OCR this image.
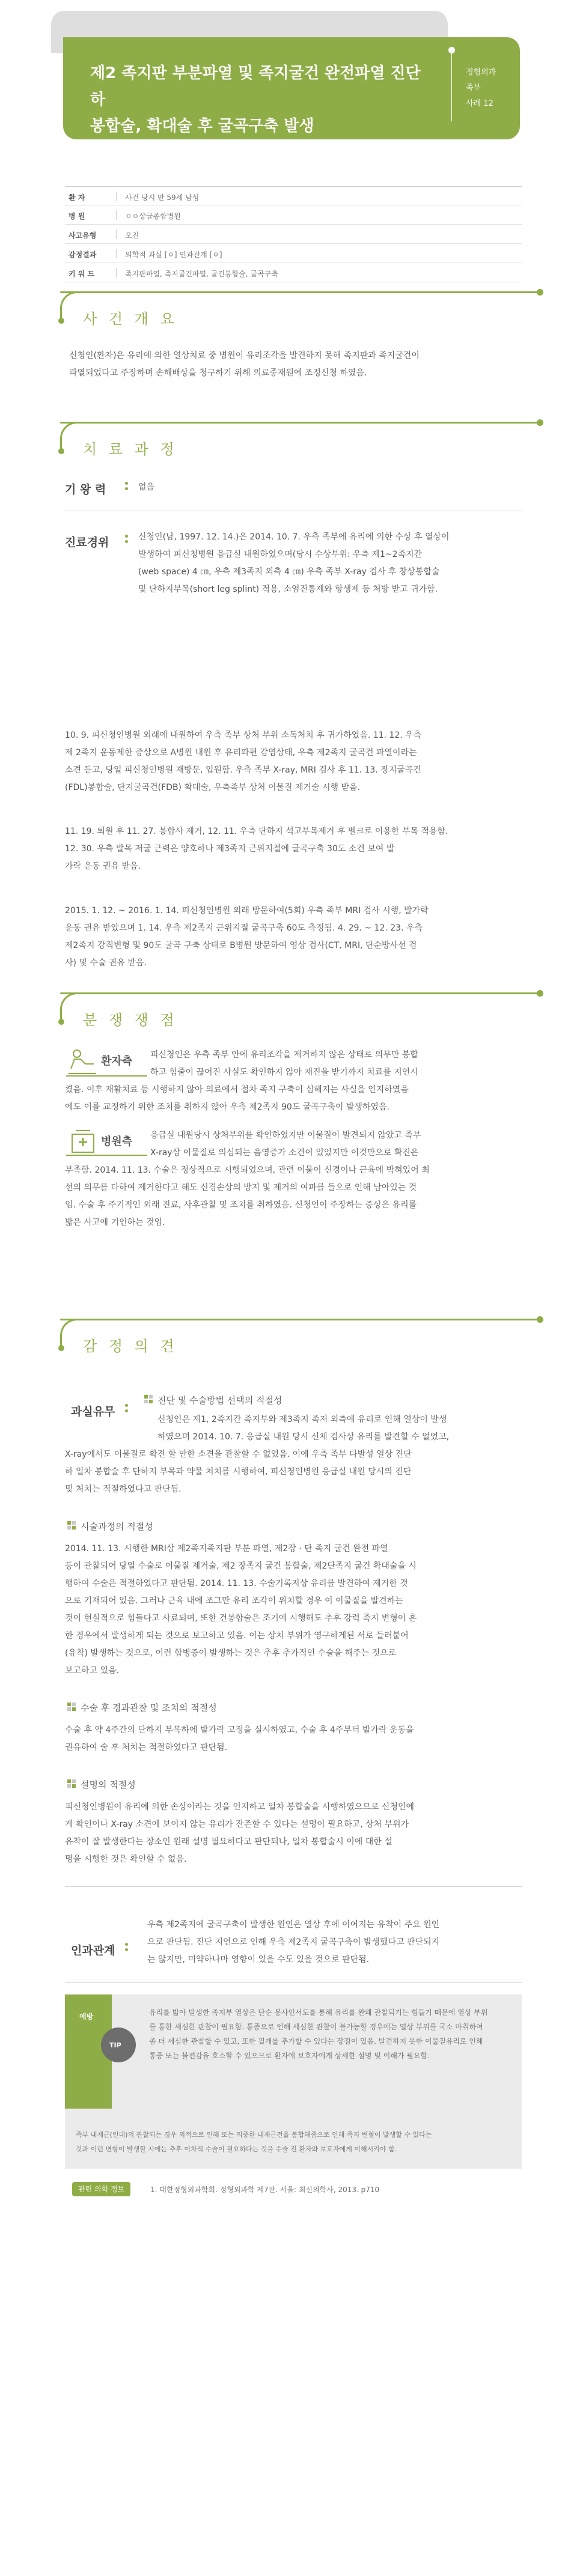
제2 족지판 부분파열 및 족지굴건 완전파열 진단하
봉합술, 확대술 후 굴곡구축 발생
정형외과
족부
사례 12
환 자	사건 당시 만 59세 남성
병 원	ㅇㅇ상급종합병원
사고유형	오진
감정결과	의학적 과실 [ㅇ] 인과관계 [ㅇ]
키 워 드	족지판파열, 족지굴건파열, 굴건봉합술, 굴곡구축
사 건 개 요
신청인(환자)은 유리에 의한 열상치료 중 병원이 유리조각을 발견하지 못해 족지판과 족지굴건이
파열되었다고 주장하며 손해배상을 청구하기 위해 의료중재원에 조정신청 하였음.
치 료 과 정
기 왕 력	없음
진료경위	신청인(남, 1997. 12. 14.)은 2014. 10. 7. 우측 족부에 유리에 의한 수상 후 열상이
발생하여 피신청병원 응급실 내원하였으며(당시 수상부위: 우측 제1~2족지간
(web space) 4 ㎝, 우측 제3족지 외측 4 ㎝) 우측 족부 X-ray 검사 후 창상봉합술
및 단하지부목(short leg splint) 적용, 소염진통제와 항생제 등 처방 받고 귀가함.
10. 9. 피신청인병원 외래에 내원하여 우측 족부 상처 부위 소독처치 후 귀가하였음. 11. 12. 우측
제 2족지 운동제한 증상으로 A병원 내원 후 유리파편 감염상태, 우측 제2족지 굴곡건 파열이라는
소견 듣고, 당일 피신청인병원 재방문, 입원함. 우측 족부 X-ray, MRI 검사 후 11. 13. 장지굴곡건
(FDL)봉합술, 단지굴곡건(FDB) 확대술, 우측족부 상처 이물질 제거술 시행 받음.
11. 19. 퇴원 후 11. 27. 봉합사 제거, 12. 11. 우측 단하지 석고부목제거 후 벨크로 이용한 부목 적용함.
12. 30. 우측 발목 저굴 근력은 양호하나 제3족지 근위지절에 굴곡구축 30도 소견 보여 발
가락 운동 권유 받음.
2015. 1. 12. ~ 2016. 1. 14. 피신청인병원 외래 방문하여(5회) 우측 족부 MRI 검사 시행, 발가락
운동 권유 받았으며 1. 14. 우측 제2족지 근위지절 굴곡구축 60도 측정됨. 4. 29. ~ 12. 23. 우측
제2족지 강직변형 및 90도 굴곡 구축 상태로 B병원 방문하여 영상 검사(CT, MRI, 단순방사선 검
사) 및 수술 권유 받음.
분 쟁 쟁 점
환자측	피신청인은 우측 족부 안에 유리조각을 제거하지 않은 상태로 의무만 봉합
하고 힘줄이 끊어진 사실도 확인하지 않아 재진을 받기까지 치료를 지연시
켰음. 이후 재활치료 등 시행하지 않아 의료에서 접차 족지 구축이 심해지는 사실을 인지하였음
에도 이를 교정하기 위한 조치를 취하지 않아 우측 제2족지 90도 굴곡구축이 발생하였음.
병원측	응급실 내원당시 상처부위를 확인하였지만 이물질이 발견되지 않았고 족부
X-ray상 이물질로 의심되는 음영증가 소견이 있었지만 이것만으로 확진은
부족함. 2014. 11. 13. 수술은 정상적으로 시행되었으며, 관련 이물이 신경이나 근육에 박혀있어 최
선의 의무를 다하여 제거한다고 해도 신경손상의 방지 및 제거의 여파를 들으로 인해 남아있는 것
임. 수술 후 주기적인 외래 진료, 사후관찰 및 조치를 취하였음. 신청인이 주장하는 증상은 유리를
밟은 사고에 기인하는 것임.
감 정 의 견
과실유무
진단 및 수술방법 선택의 적절성
신청인은 제1, 2족지간 족지부와 제3족지 족저 외측에 유리로 인해 열상이 발생
하였으며 2014. 10. 7. 응급실 내원 당시 신체 검사상 유리를 발견할 수 없었고,
X-ray에서도 이물질로 확진 할 만한 소견을 관찰할 수 없었음. 이에 우측 족부 다발성 열상 진단
하 일차 봉합술 후 단하지 부목과 약물 처치를 시행하여, 피신청인병원 응급실 내원 당시의 진단
및 처치는 적절하였다고 판단됨.
시술과정의 적절성
2014. 11. 13. 시행한 MRI상 제2족지족지판 부분 파열, 제2장 · 단 족지 굴건 완전 파열
등이 관찰되어 당일 수술로 이물질 제거술, 제2 장족지 굴건 봉합술, 제2단족지 굴건 확대술을 시
행하여 수술은 적절하였다고 판단됨. 2014. 11. 13. 수술기록지상 유리를 발견하여 제거한 것
으로 기재되어 있음. 그러나 근육 내에 조그만 유리 조각이 위치할 경우 이 이물질을 발견하는
것이 현실적으로 힘들다고 사료되며, 또한 건봉합술은 조기에 시행해도 추후 강력 족지 변형이 흔
한 경우에서 발생하게 되는 것으로 보고하고 있음. 이는 상처 부위가 영구하게된 서로 들러붙어
(유착) 발생하는 것으로, 이런 합병증이 발생하는 것은 추후 추가적인 수술을 해주는 것으로
보고하고 있음.
수술 후 경과관찰 및 조치의 적절성
수술 후 약 4주간의 단하지 부목하에 발가락 고정을 실시하였고, 수술 후 4주부터 발가락 운동을
권유하여 술 후 처치는 적절하였다고 판단됨.
설명의 적절성
피신청인병원이 유리에 의한 손상이라는 것을 인지하고 일차 봉합술을 시행하였으므로 신청인에
게 확인이나 X-ray 소견에 보이지 않는 유리가 잔존할 수 있다는 설명이 필요하고, 상처 부위가
유착이 잘 발생한다는 장소인 원래 설명 필요하다고 판단되나, 일차 봉합술시 이에 대한 설
명을 시행한 것은 확인할 수 없음.
인과관계
우측 제2족지에 굴곡구축이 발생한 원인은 열상 후에 이어지는 유착이 주요 원인
으로 판단됨. 진단 지연으로 인해 우측 제2족지 굴곡구축이 발생했다고 판단되지
는 않지만, 미약하나마 영향이 있을 수도 있을 것으로 판단됨.
예방
TIP
유리를 밟아 발생한 족지부 열상은 단순 봉사인서도를 통해 유리를 완쾌 관찰되기는 힘들기 때문에 열상 부위
를 통한 세심한 관찰이 필요함. 통증으로 인해 세심한 관찰이 불가능할 경우에는 열상 부위를 국소 마취하여
좀 더 세심한 관찰할 수 있고, 또한 필개를 추가할 수 있다는 장점이 있음. 발견하지 못한 이물질유리로 인해
통증 또는 불편감을 호소할 수 있으므로 환자에 보호자에게 상세한 설명 및 이해가 필요함.
족부 내재근(인대)의 관찰되는 경우 외적으로 인해 또는 의중한 내재근건을 봉합해줌으로 인해 족지 변형이 발생할 수 있다는
것과 이런 변형이 발생할 시에는 추후 이차적 수술이 필요하다는 것을 수술 전 환자와 보호자에게 이해시켜야 함.
관련 의학 정보	1. 대한정형외과학회. 정형외과학 제7판. 서울: 최신의학사, 2013. p710
